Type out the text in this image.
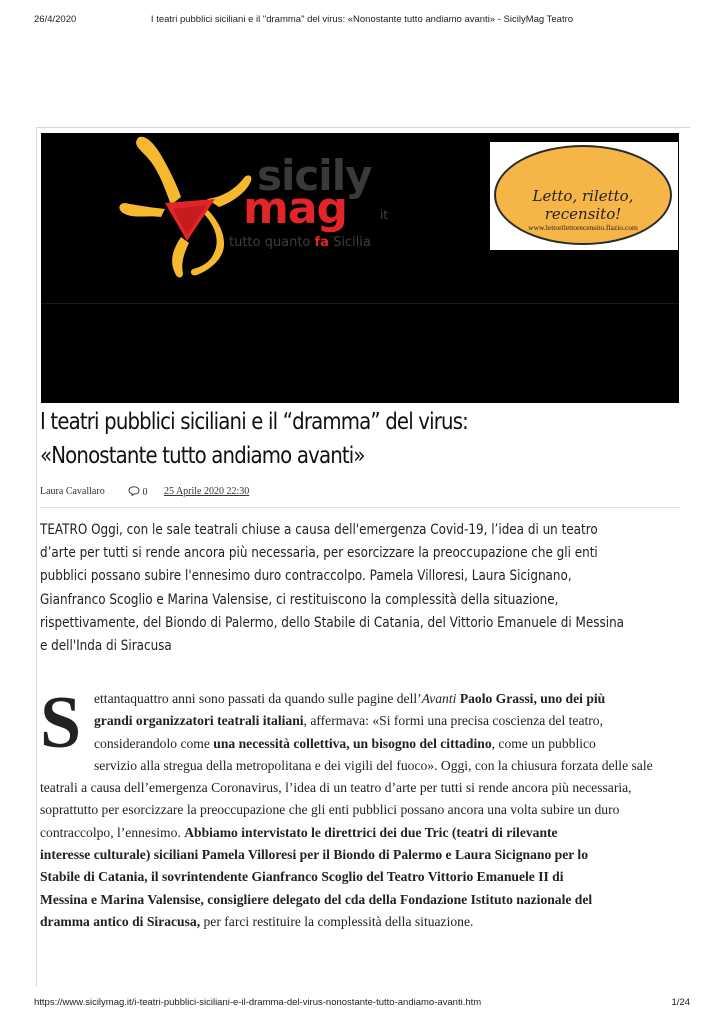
26/4/2020	I teatri pubblici siciliani e il "dramma" del virus: «Nonostante tutto andiamo avanti» - SicilyMag Teatro
sicily
mag	it
tutto quanto fa Sicilia
Letto, riletto, recensito!
www.lettorilettorecensito.flazio.com
I teatri pubblici siciliani e il “dramma” del virus:
«Nonostante tutto andiamo avanti»
Laura Cavallaro	0 25 Aprile 2020 22:30
TEATRO Oggi, con le sale teatrali chiuse a causa dell'emergenza Covid-19, l’idea di un teatro
d’arte per tutti si rende ancora più necessaria, per esorcizzare la preoccupazione che gli enti
pubblici possano subire l'ennesimo duro contraccolpo. Pamela Villoresi, Laura Sicignano,
Gianfranco Scoglio e Marina Valensise, ci restituiscono la complessità della situazione,
rispettivamente, del Biondo di Palermo, dello Stabile di Catania, del Vittorio Emanuele di Messina
e dell'Inda di Siracusa
S ettantaquattro anni sono passati da quando sulle pagine dell’Avanti Paolo Grassi, uno dei più
grandi organizzatori teatrali italiani, affermava: «Si formi una precisa coscienza del teatro,
considerandolo come una necessità collettiva, un bisogno del cittadino, come un pubblico
servizio alla stregua della metropolitana e dei vigili del fuoco». Oggi, con la chiusura forzata delle sale
teatrali a causa dell’emergenza Coronavirus, l’idea di un teatro d’arte per tutti si rende ancora più necessaria,
soprattutto per esorcizzare la preoccupazione che gli enti pubblici possano ancora una volta subire un duro
contraccolpo, l’ennesimo. Abbiamo intervistato le direttrici dei due Tric (teatri di rilevante
interesse culturale) siciliani Pamela Villoresi per il Biondo di Palermo e Laura Sicignano per lo
Stabile di Catania, il sovrintendente Gianfranco Scoglio del Teatro Vittorio Emanuele II di
Messina e Marina Valensise, consigliere delegato del cda della Fondazione Istituto nazionale del
dramma antico di Siracusa, per farci restituire la complessità della situazione.
https://www.sicilymag.it/i-teatri-pubblici-siciliani-e-il-dramma-del-virus-nonostante-tutto-andiamo-avanti.htm	1/24
